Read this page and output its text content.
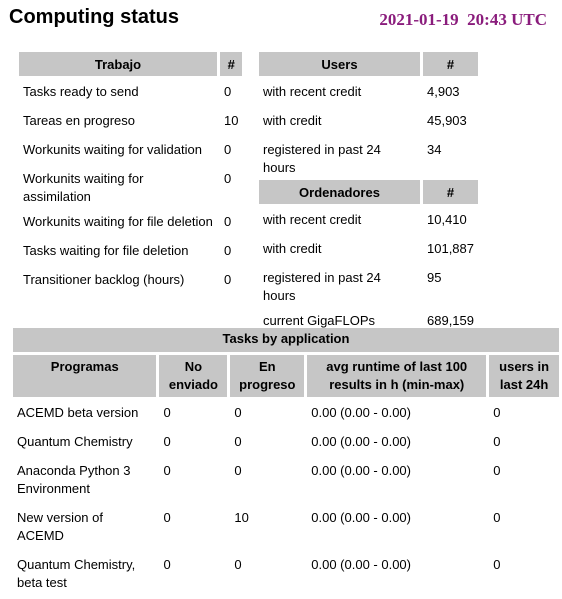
Computing status	2021-01-19  20:43 UTC
Trabajo	#
Tasks ready to send	0
Tareas en progreso	10
Workunits waiting for validation	0
Workunits waiting for assimilation	0
Workunits waiting for file deletion	0
Tasks waiting for file deletion	0
Transitioner backlog (hours)	0
Users	#
with recent credit	4,903
with credit	45,903
registered in past 24 hours	34
Ordenadores	#
with recent credit	10,410
with credit	101,887
registered in past 24 hours	95
current GigaFLOPs	689,159
Tasks by application				
Programas	No enviado	En progreso	avg runtime of last 100 results in h (min-max)	users in last 24h
ACEMD beta version	0	0	0.00 (0.00 - 0.00)	0
Quantum Chemistry	0	0	0.00 (0.00 - 0.00)	0
Anaconda Python 3 Environment	0	0	0.00 (0.00 - 0.00)	0
New version of ACEMD	0	10	0.00 (0.00 - 0.00)	0
Quantum Chemistry, beta test	0	0	0.00 (0.00 - 0.00)	0
